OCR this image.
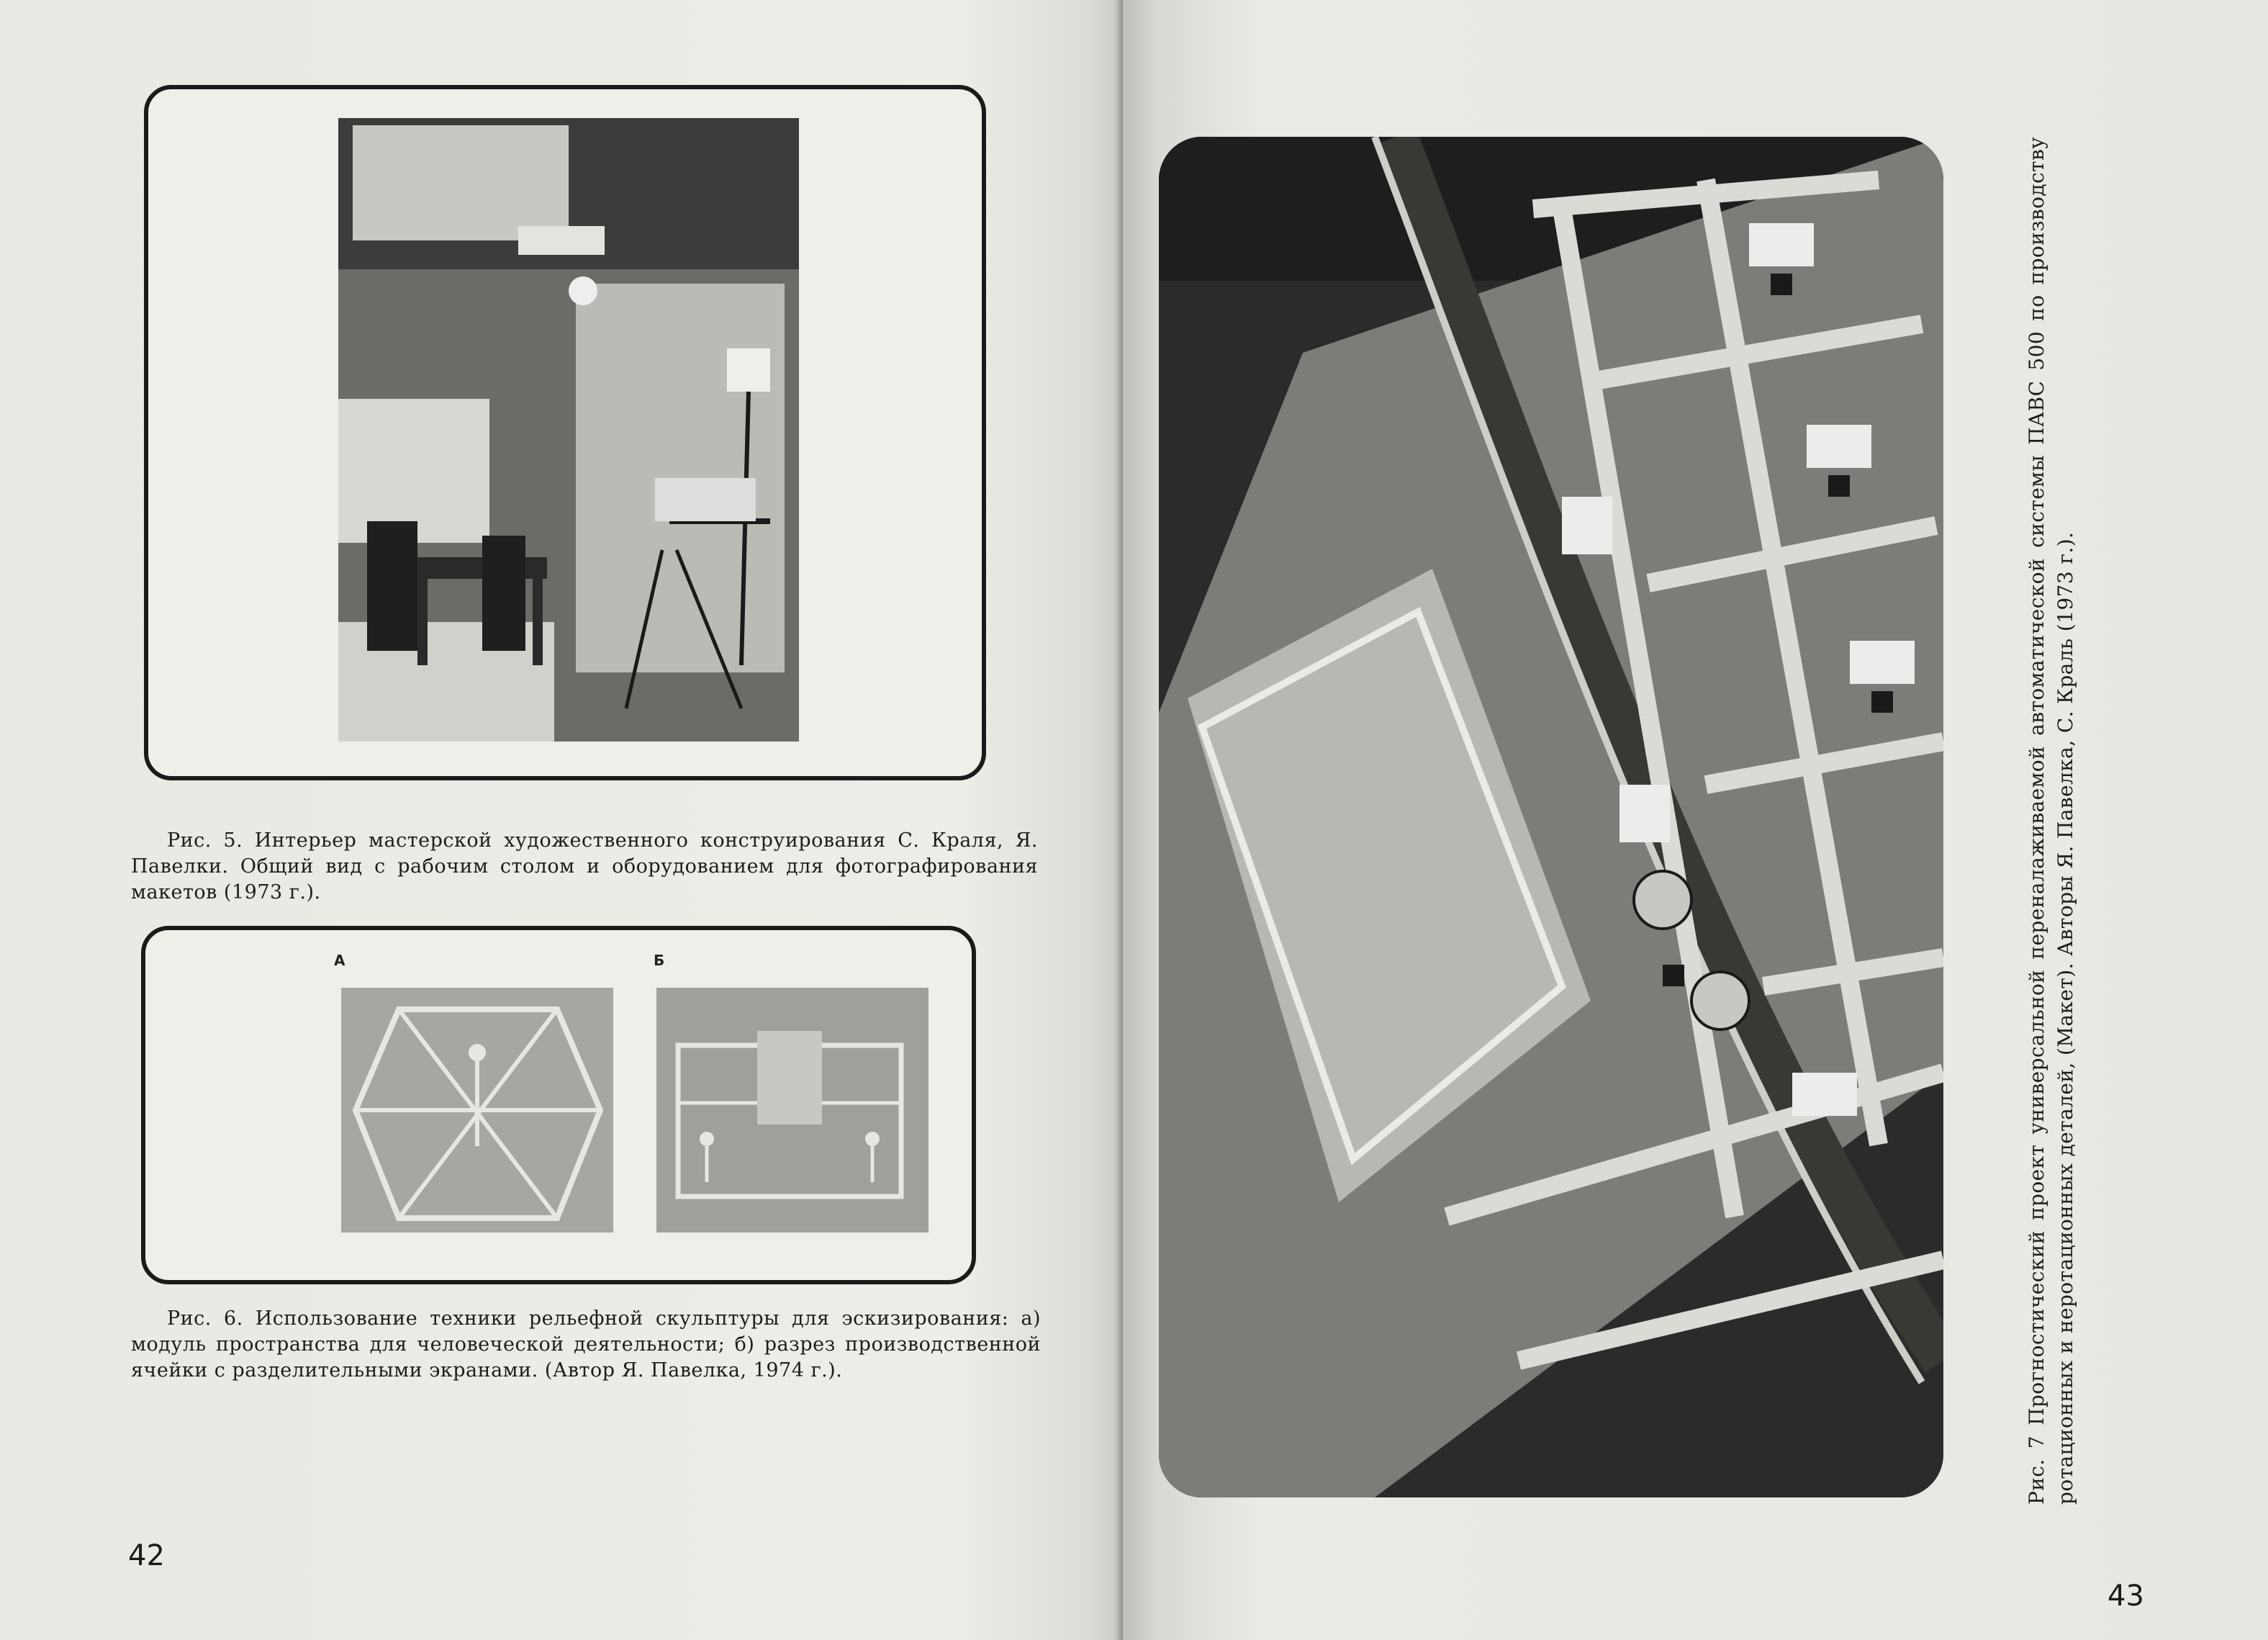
Рис. 5. Интерьер мастерской художественного конструирования С. Краля, Я. Павелки. Общий вид с рабочим столом и оборудованием для фотографирования макетов (1973 г.).
А	Б
Рис. 6. Использование техники рельефной скульптуры для эскизирования: а) модуль пространства для человеческой деятельности; б) разрез производственной ячейки с разделительными экранами. (Автор Я. Павелка, 1974 г.).
42
Рис. 7 Прогностический проект универсальной переналаживаемой автоматической системы ПАВС 500 по производству ротационных и неротационных деталей, (Макет). Авторы Я. Павелка, С. Краль (1973 г.).
43
